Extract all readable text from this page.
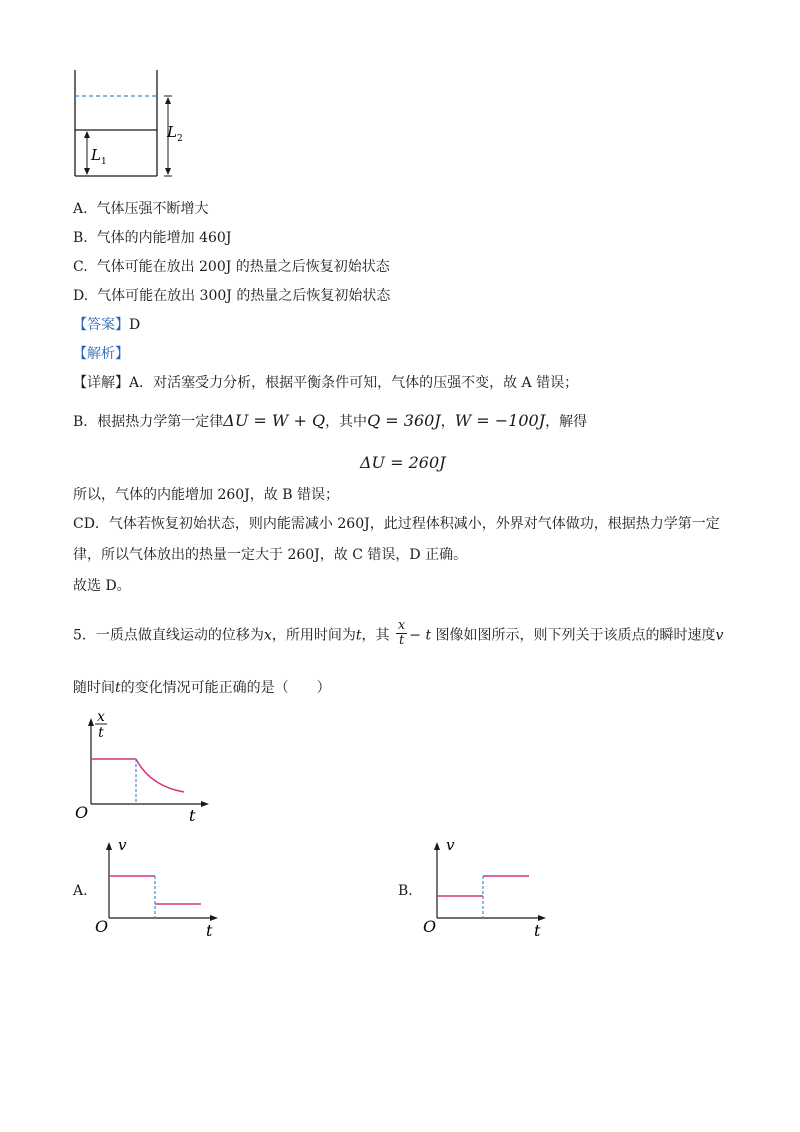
$L_2$
$L_1$
A. 气体压强不断增大
B. 气体的内能增加 460J
C. 气体可能在放出 200J 的热量之后恢复初始状态
D. 气体可能在放出 300J 的热量之后恢复初始状态
【答案】D
【解析】
【详解】A．对活塞受力分析，根据平衡条件可知，气体的压强不变，故 A 错误；
B．根据热力学第一定律ΔU = W + Q，其中Q = 360J，W = −100J，解得
ΔU = 260J
所以，气体的内能增加 260J，故 B 错误；
CD．气体若恢复初始状态，则内能需减小 260J，此过程体积减小，外界对气体做功，根据热力学第一定
律，所以气体放出的热量一定大于 260J，故 C 错误，D 正确。
故选 D。
5．一质点做直线运动的位移为x，所用时间为t，其 $\frac{x}{t} - t$ 图像如图所示，则下列关于该质点的瞬时速度v
随时间t的变化情况可能正确的是（　　）
x
t
O	t
A.
v
O	t
B.
v
O	t
